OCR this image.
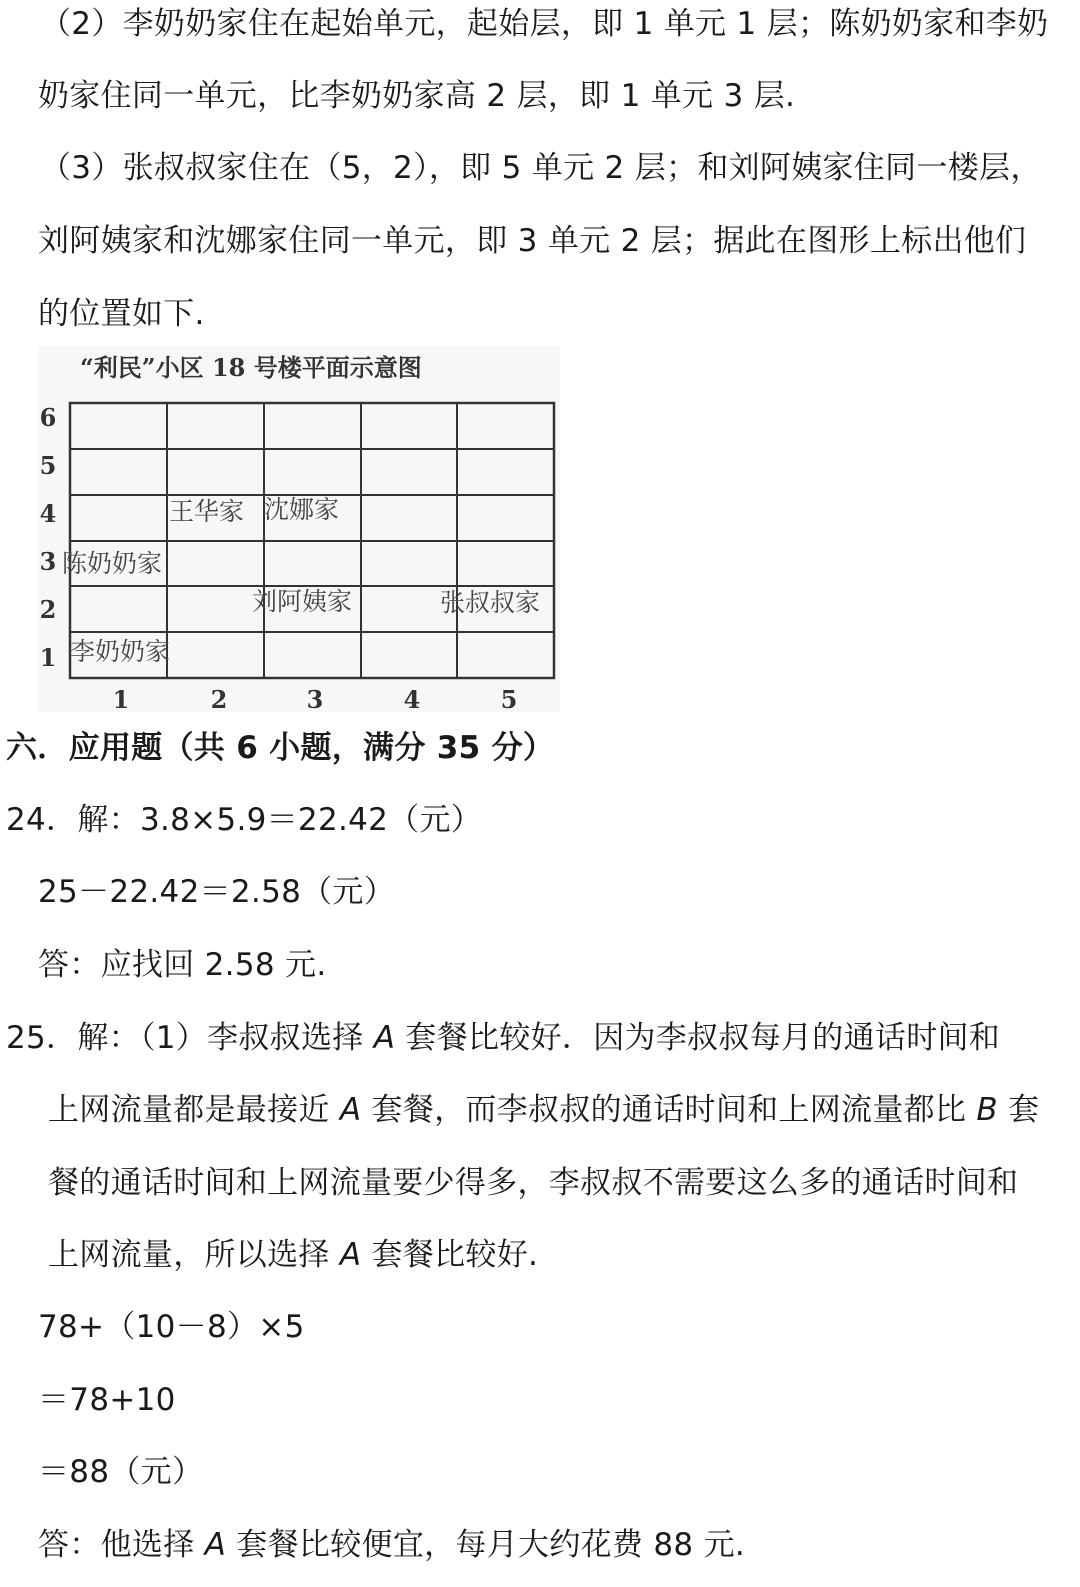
（2）李奶奶家住在起始单元，起始层，即 1 单元 1 层；陈奶奶家和李奶
奶家住同一单元，比李奶奶家高 2 层，即 1 单元 3 层.
（3）张叔叔家住在（5，2），即 5 单元 2 层；和刘阿姨家住同一楼层，
刘阿姨家和沈娜家住同一单元，即 3 单元 2 层；据此在图形上标出他们
的位置如下.
“利民”小区 18 号楼平面示意图
1
2
3
4
5
6
1	2	3	4	5
李奶奶家
陈奶奶家
刘阿姨家	张叔叔家
王华家 沈娜家
六．应用题（共 6 小题，满分 35 分）
24．解：3.8×5.9＝22.42（元）
25－22.42＝2.58（元）
答：应找回 2.58 元.
25．解：（1）李叔叔选择 A 套餐比较好．因为李叔叔每月的通话时间和
上网流量都是最接近 A 套餐，而李叔叔的通话时间和上网流量都比 B 套
餐的通话时间和上网流量要少得多，李叔叔不需要这么多的通话时间和
上网流量，所以选择 A 套餐比较好.
78+（10－8）×5
＝78+10
＝88（元）
答：他选择 A 套餐比较便宜，每月大约花费 88 元.
